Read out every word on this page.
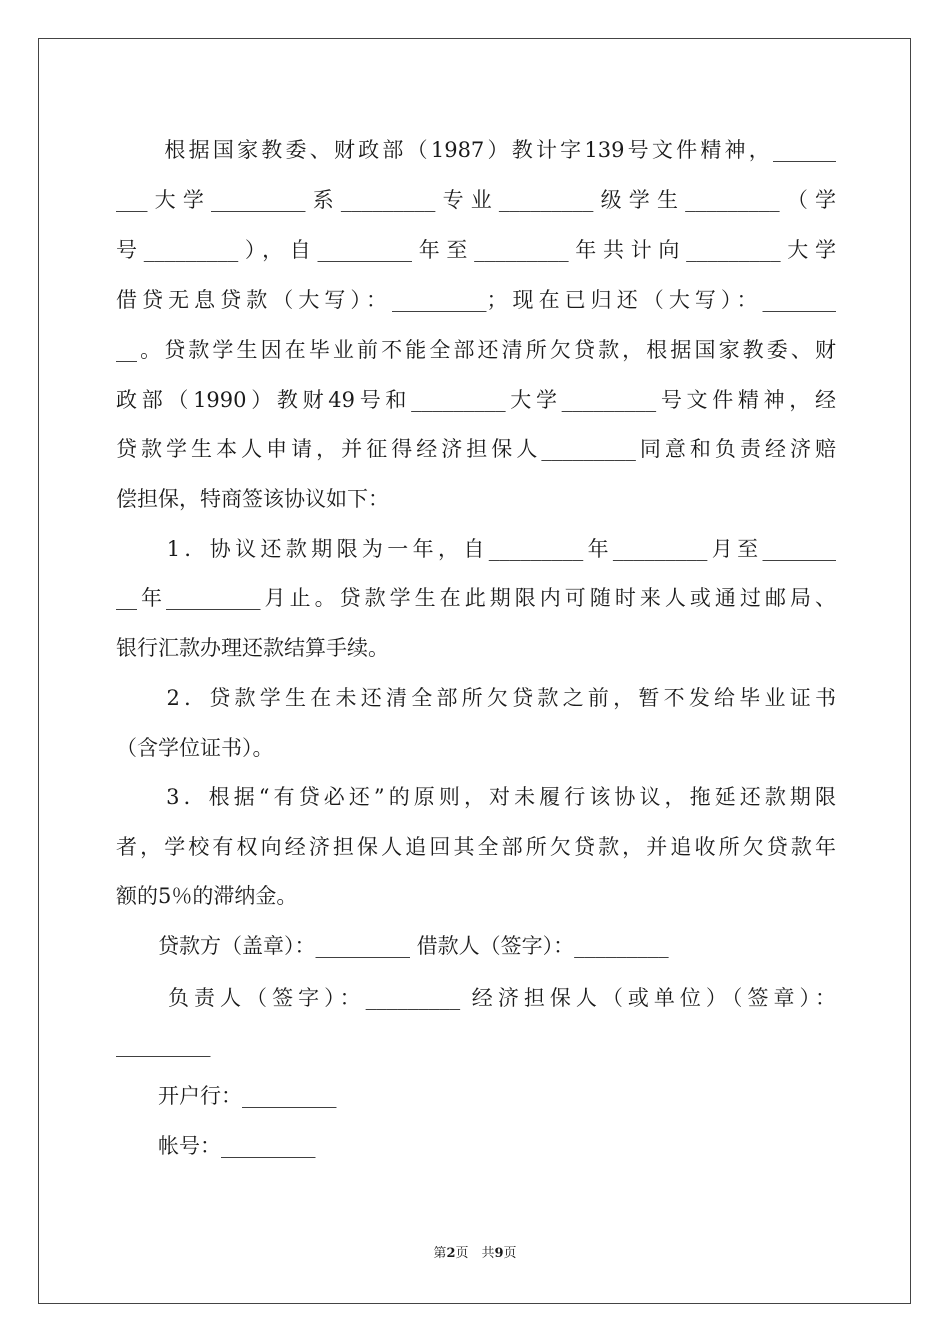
　　根据国家教委、财政部（1987）教计字139号文件精神，______
___大学_________系_________专业_________级学生_________（学
号_________），自_________年至_________年共计向_________大学
借贷无息贷款（大写）：_________；现在已归还（大写）：_______
__。贷款学生因在毕业前不能全部还清所欠贷款，根据国家教委、财
政部（1990）教财49号和_________大学_________号文件精神，经
贷款学生本人申请，并征得经济担保人_________同意和负责经济赔
偿担保，特商签该协议如下：
　　1．协议还款期限为一年，自_________年_________月至_______
__年_________月止。贷款学生在此期限内可随时来人或通过邮局、
银行汇款办理还款结算手续。
　　2．贷款学生在未还清全部所欠贷款之前，暂不发给毕业证书
（含学位证书）。
　　3．根据“有贷必还”的原则，对未履行该协议，拖延还款期限
者，学校有权向经济担保人追回其全部所欠贷款，并追收所欠贷款年
额的5％的滞纳金。
　　贷款方（盖章）：_________ 借款人（签字）：_________
　　负责人（签字）：_________ 经济担保人（或单位）（签章）：
_________
　　开户行：_________
　　帐号：_________
第2页　共9页
